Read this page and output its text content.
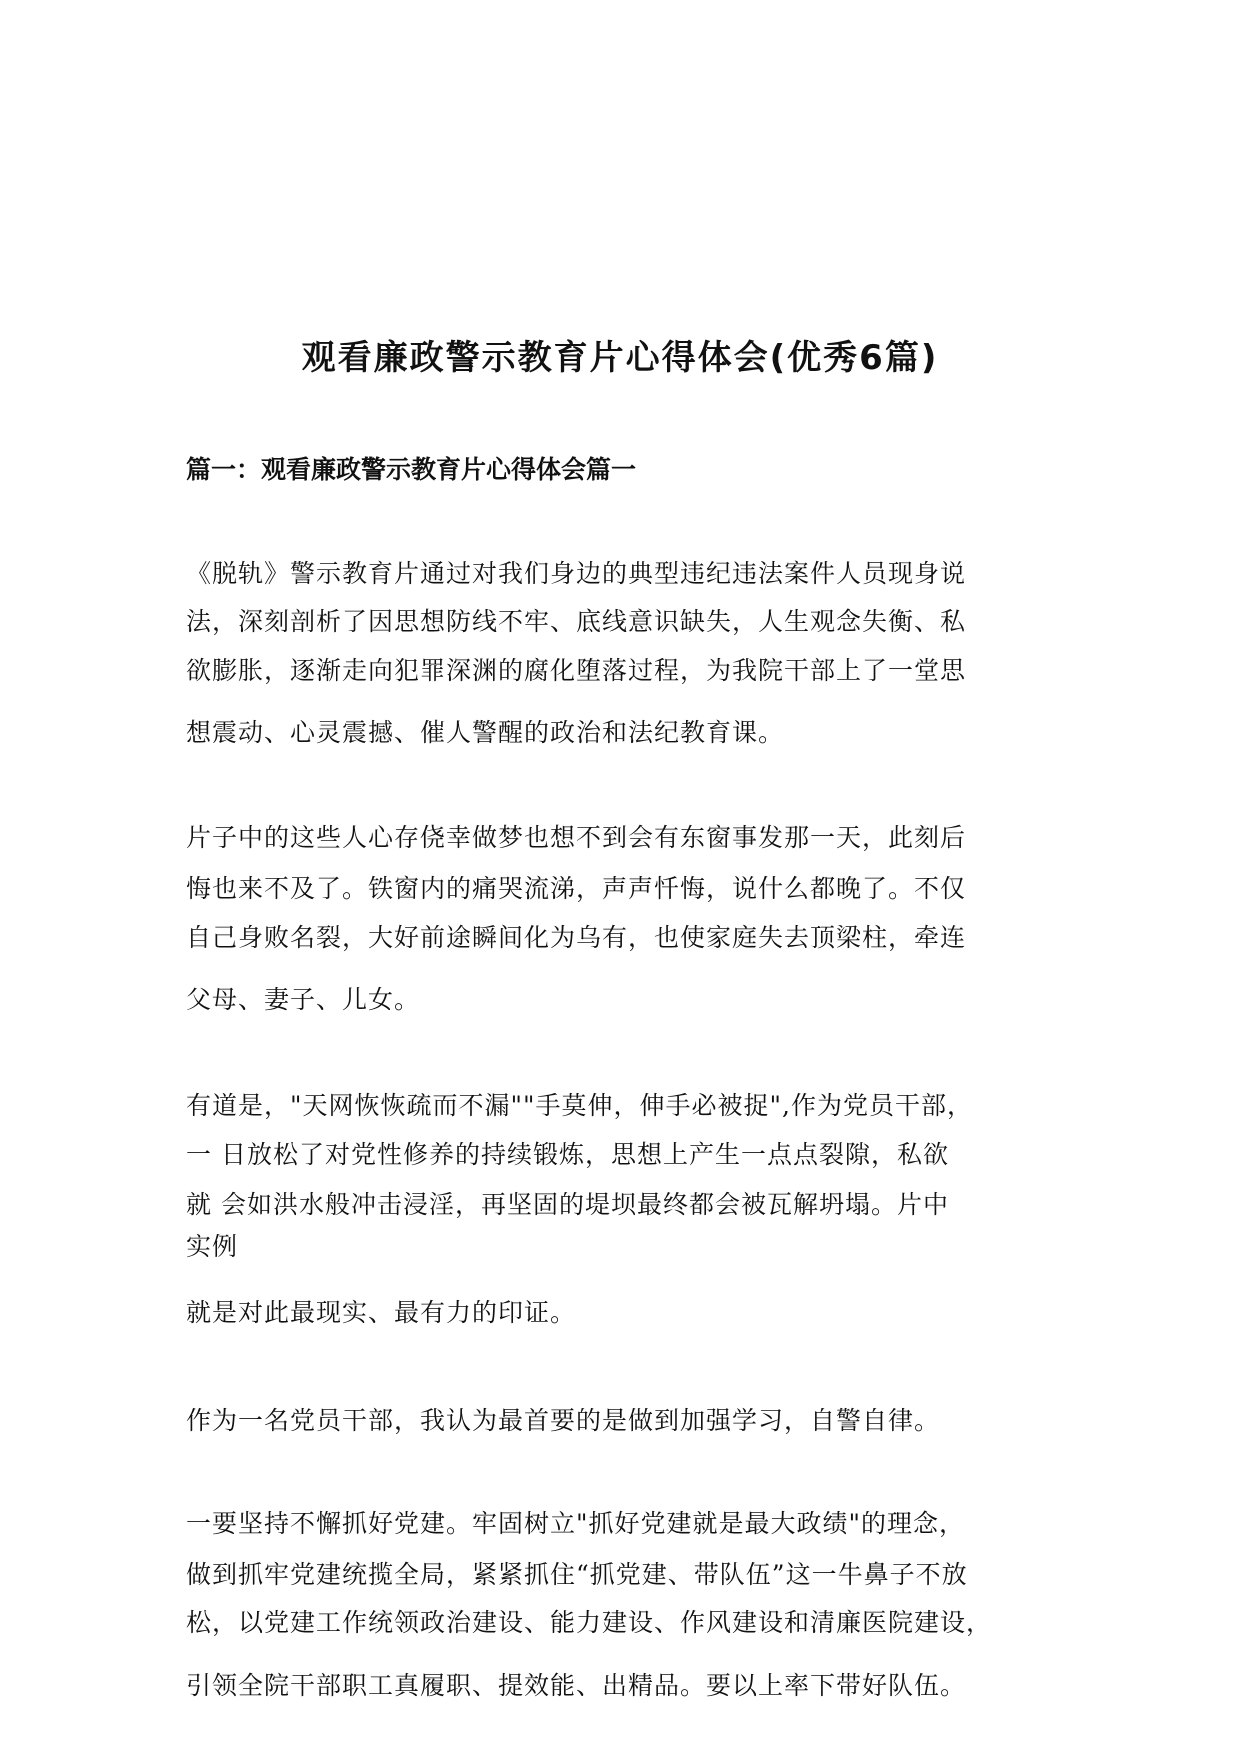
观看廉政警示教育片心得体会(优秀6篇)
篇一：观看廉政警示教育片心得体会篇一
《脱轨》警示教育片通过对我们身边的典型违纪违法案件人员现身说
法，深刻剖析了因思想防线不牢、底线意识缺失，人生观念失衡、私
欲膨胀，逐渐走向犯罪深渊的腐化堕落过程，为我院干部上了一堂思
想震动、心灵震撼、催人警醒的政治和法纪教育课。
片子中的这些人心存侥幸做梦也想不到会有东窗事发那一天，此刻后
悔也来不及了。铁窗内的痛哭流涕，声声忏悔，说什么都晚了。不仅
自己身败名裂，大好前途瞬间化为乌有，也使家庭失去顶梁柱，牵连
父母、妻子、儿女。
有道是，"天网恢恢疏而不漏""手莫伸，伸手必被捉",作为党员干部，
一 日放松了对党性修养的持续锻炼，思想上产生一点点裂隙，私欲
就 会如洪水般冲击浸淫，再坚固的堤坝最终都会被瓦解坍塌。片中
实例
就是对此最现实、最有力的印证。
作为一名党员干部，我认为最首要的是做到加强学习，自警自律。
一要坚持不懈抓好党建。牢固树立"抓好党建就是最大政绩"的理念，
做到抓牢党建统揽全局，紧紧抓住“抓党建、带队伍”这一牛鼻子不放
松，以党建工作统领政治建设、能力建设、作风建设和清廉医院建设，
引领全院干部职工真履职、提效能、出精品。要以上率下带好队伍。
